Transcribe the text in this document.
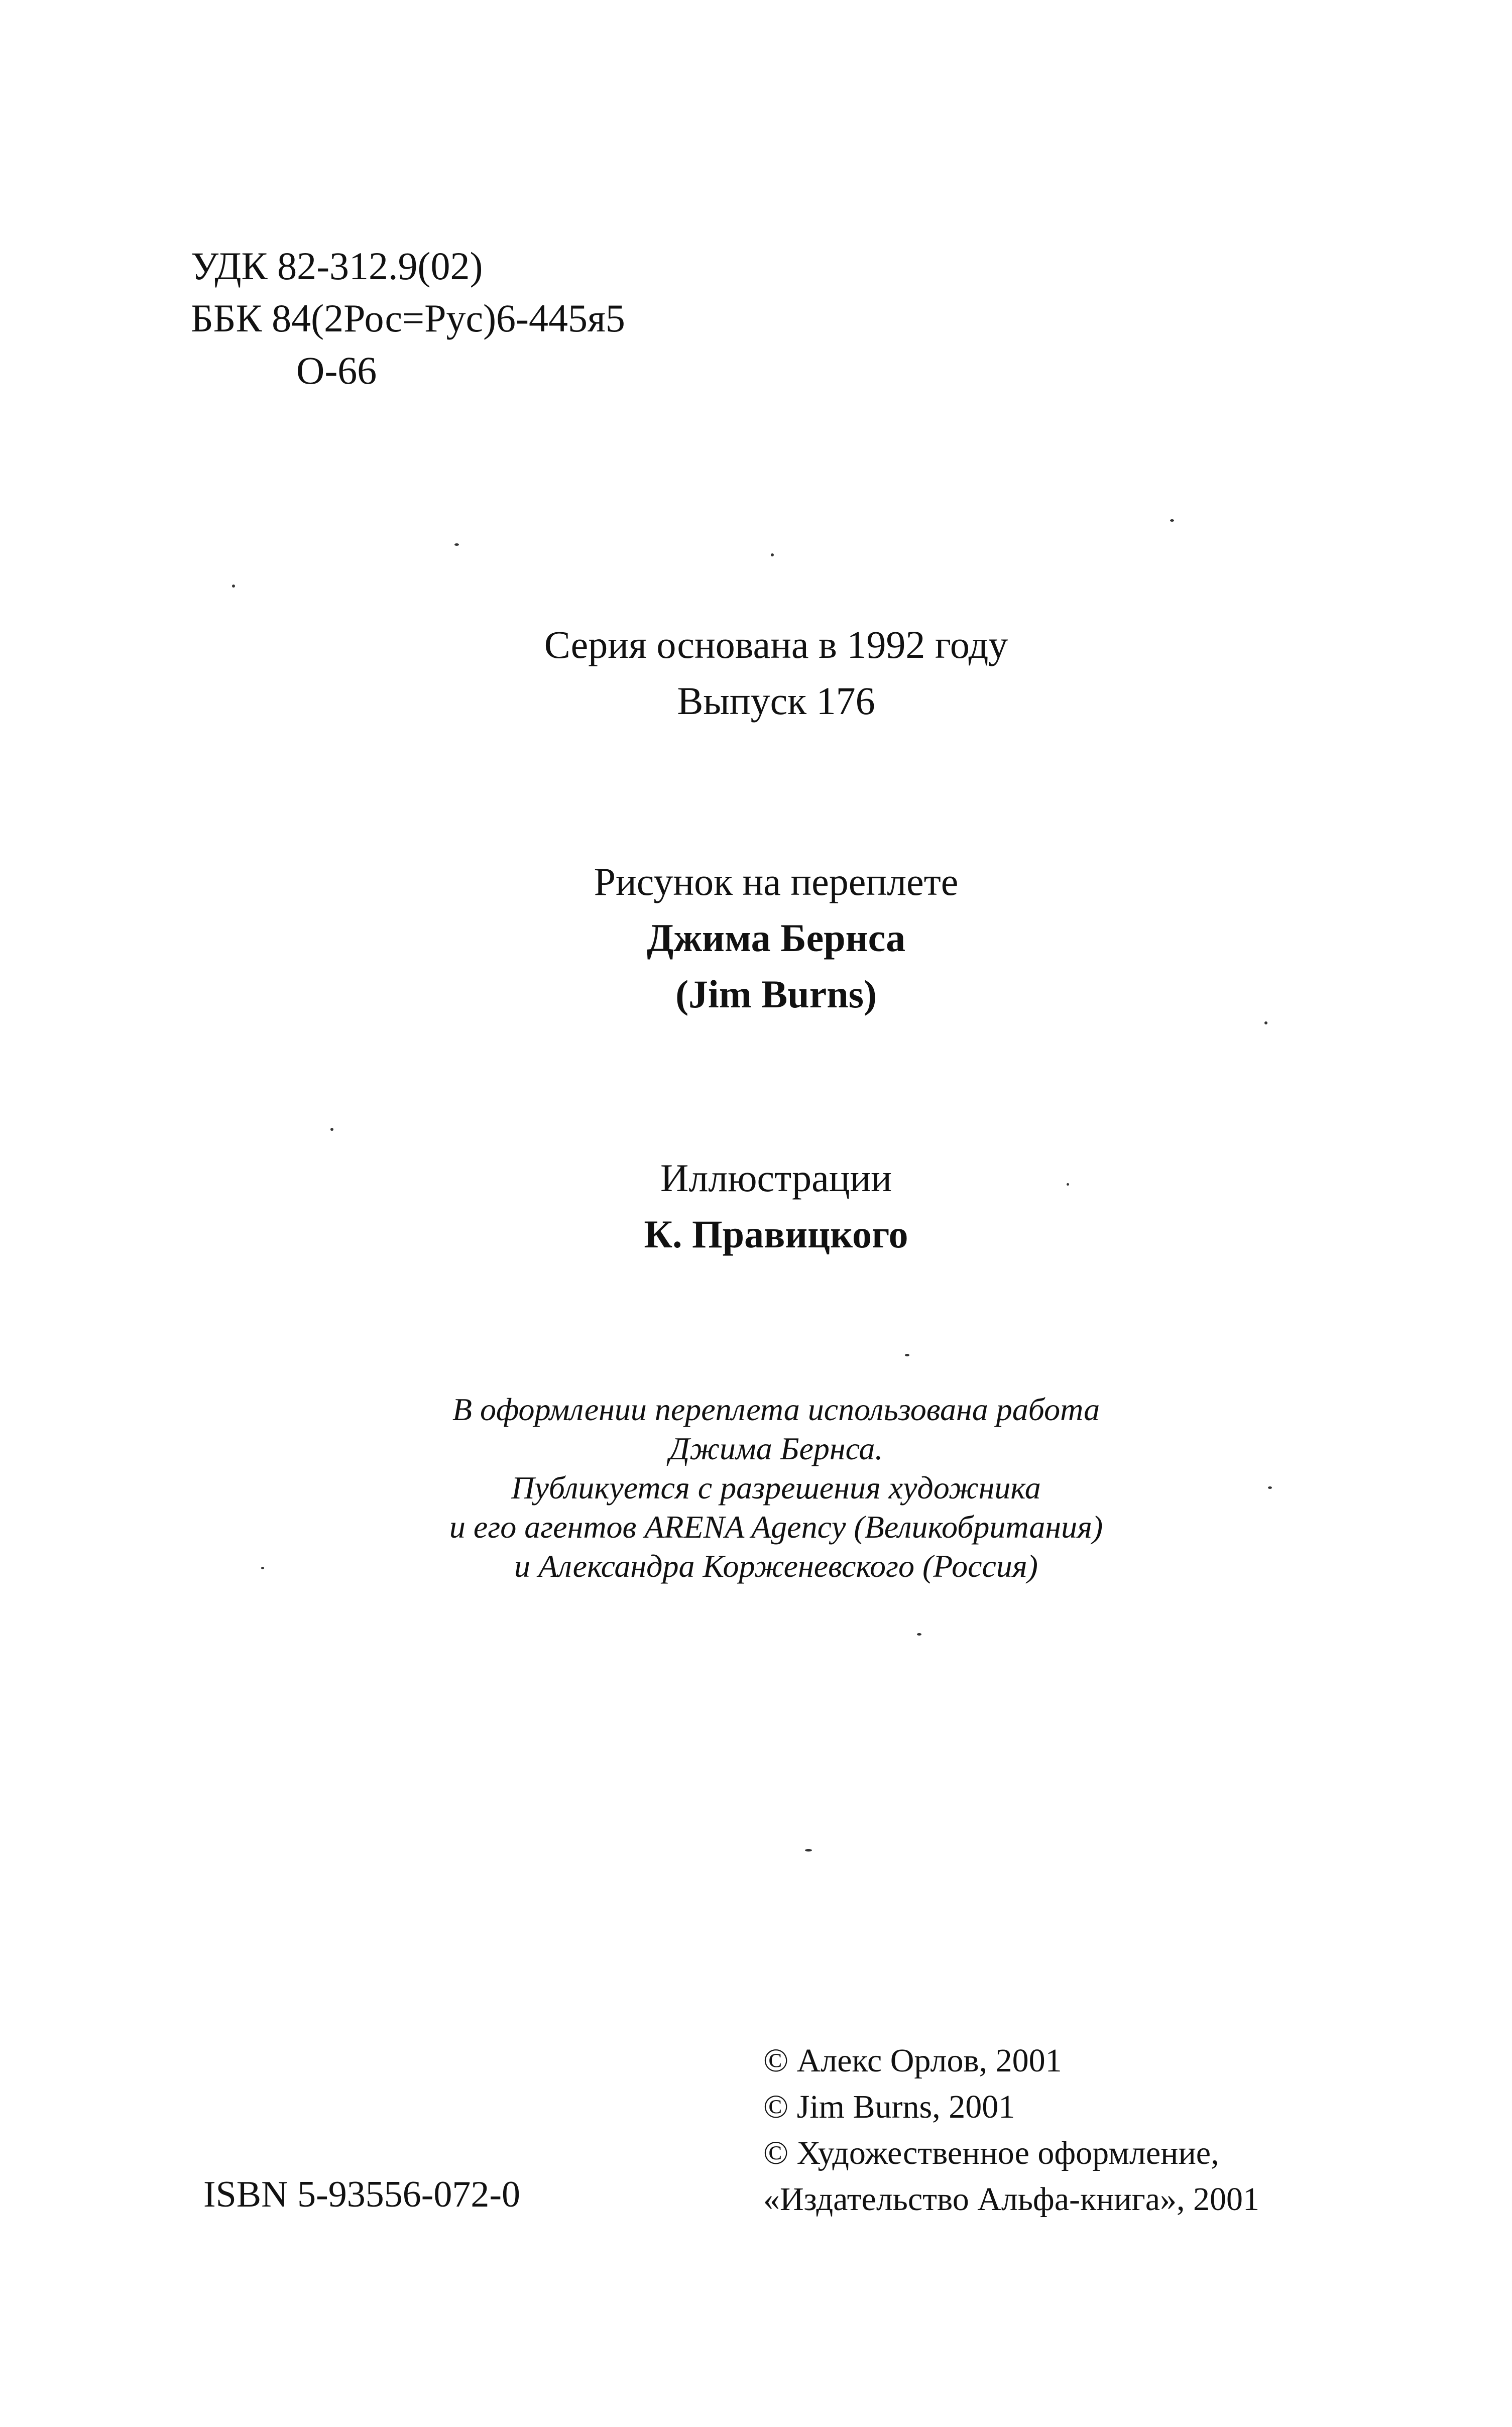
УДК 82-312.9(02)
ББК 84(2Рос=Рус)6-445я5
О-66
Серия основана в 1992 году
Выпуск 176
Рисунок на переплете
Джима Бернса
(Jim Burns)
Иллюстрации
К. Правицкого
В оформлении переплета использована работа
Джима Бернса.
Публикуется с разрешения художника
и его агентов ARENA Agency (Великобритания)
и Александра Корженевского (Россия)
© Алекс Орлов, 2001
© Jim Burns, 2001
© Художественное оформление,
«Издательство Альфа-книга», 2001
ISBN 5-93556-072-0
